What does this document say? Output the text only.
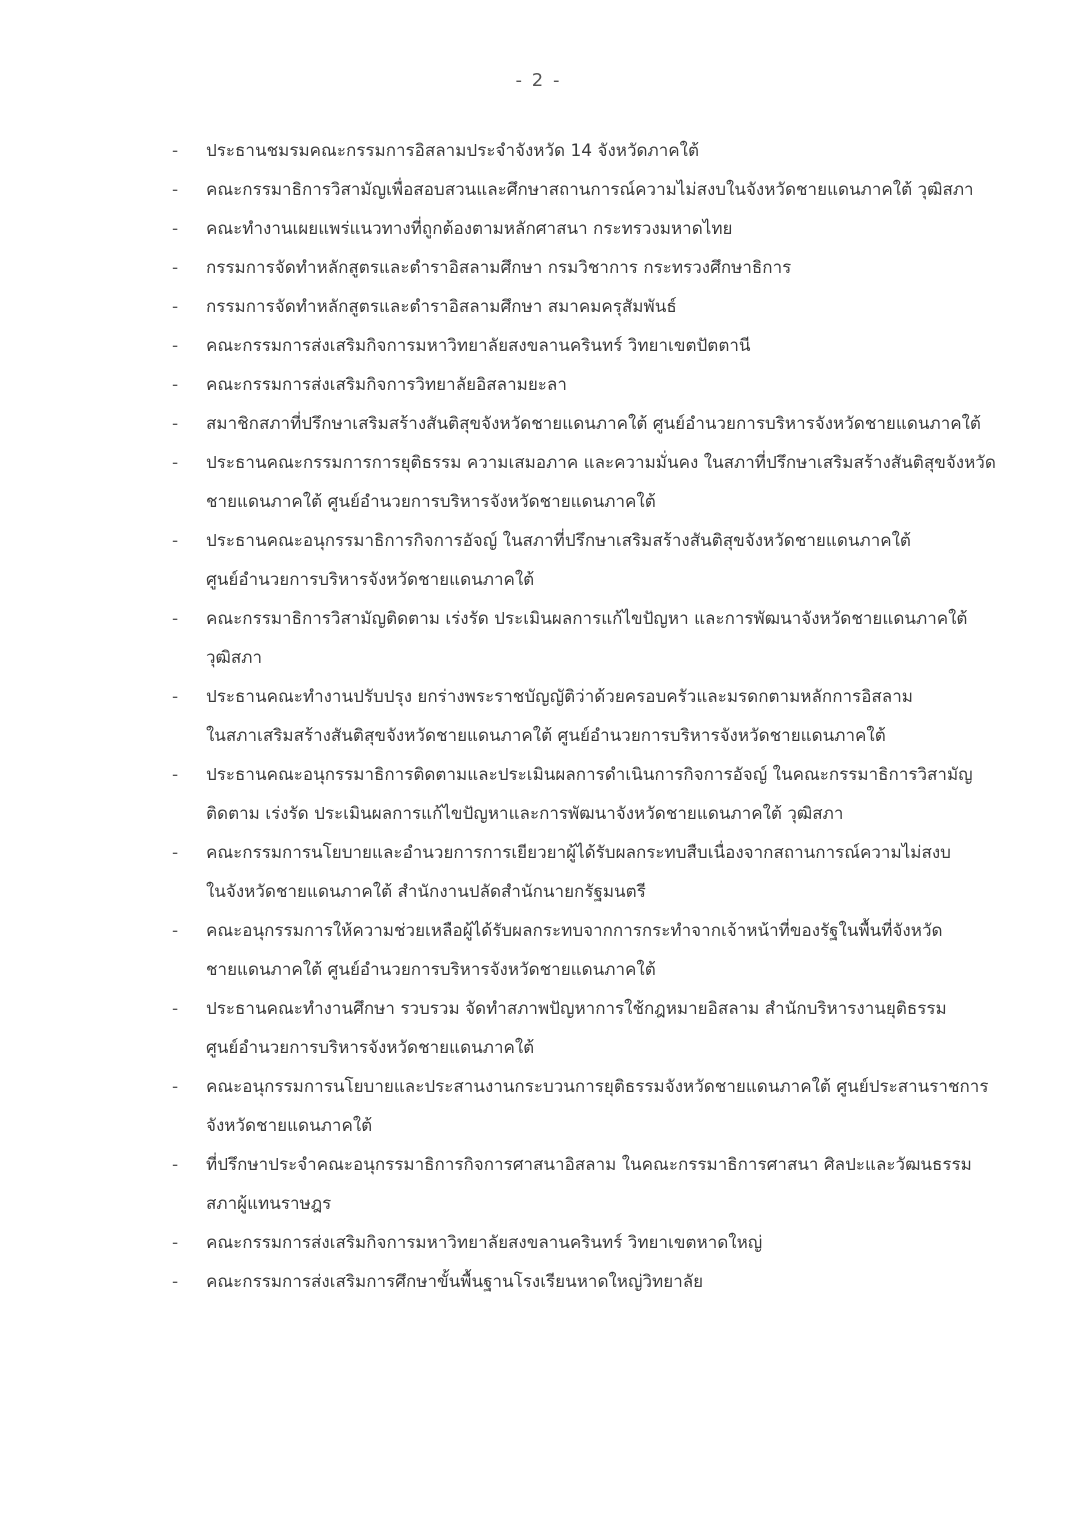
- 2 -
-	ประธานชมรมคณะกรรมการอิสลามประจำจังหวัด 14 จังหวัดภาคใต้
-	คณะกรรมาธิการวิสามัญเพื่อสอบสวนและศึกษาสถานการณ์ความไม่สงบในจังหวัดชายแดนภาคใต้ วุฒิสภา
-	คณะทำงานเผยแพร่แนวทางที่ถูกต้องตามหลักศาสนา กระทรวงมหาดไทย
-	กรรมการจัดทำหลักสูตรและตำราอิสลามศึกษา กรมวิชาการ กระทรวงศึกษาธิการ
-	กรรมการจัดทำหลักสูตรและตำราอิสลามศึกษา สมาคมครุสัมพันธ์
-	คณะกรรมการส่งเสริมกิจการมหาวิทยาลัยสงขลานครินทร์ วิทยาเขตปัตตานี
-	คณะกรรมการส่งเสริมกิจการวิทยาลัยอิสลามยะลา
-	สมาชิกสภาที่ปรึกษาเสริมสร้างสันติสุขจังหวัดชายแดนภาคใต้ ศูนย์อำนวยการบริหารจังหวัดชายแดนภาคใต้
-	ประธานคณะกรรมการการยุติธรรม ความเสมอภาค และความมั่นคง ในสภาที่ปรึกษาเสริมสร้างสันติสุขจังหวัด
ชายแดนภาคใต้ ศูนย์อำนวยการบริหารจังหวัดชายแดนภาคใต้
-	ประธานคณะอนุกรรมาธิการกิจการอัจญ์ ในสภาที่ปรึกษาเสริมสร้างสันติสุขจังหวัดชายแดนภาคใต้
ศูนย์อำนวยการบริหารจังหวัดชายแดนภาคใต้
-	คณะกรรมาธิการวิสามัญติดตาม เร่งรัด ประเมินผลการแก้ไขปัญหา และการพัฒนาจังหวัดชายแดนภาคใต้
วุฒิสภา
-	ประธานคณะทำงานปรับปรุง ยกร่างพระราชบัญญัติว่าด้วยครอบครัวและมรดกตามหลักการอิสลาม
ในสภาเสริมสร้างสันติสุขจังหวัดชายแดนภาคใต้ ศูนย์อำนวยการบริหารจังหวัดชายแดนภาคใต้
-	ประธานคณะอนุกรรมาธิการติดตามและประเมินผลการดำเนินการกิจการอัจญ์ ในคณะกรรมาธิการวิสามัญ
ติดตาม เร่งรัด ประเมินผลการแก้ไขปัญหาและการพัฒนาจังหวัดชายแดนภาคใต้ วุฒิสภา
-	คณะกรรมการนโยบายและอำนวยการการเยียวยาผู้ได้รับผลกระทบสืบเนื่องจากสถานการณ์ความไม่สงบ
ในจังหวัดชายแดนภาคใต้ สำนักงานปลัดสำนักนายกรัฐมนตรี
-	คณะอนุกรรมการให้ความช่วยเหลือผู้ได้รับผลกระทบจากการกระทำจากเจ้าหน้าที่ของรัฐในพื้นที่จังหวัด
ชายแดนภาคใต้ ศูนย์อำนวยการบริหารจังหวัดชายแดนภาคใต้
-	ประธานคณะทำงานศึกษา รวบรวม จัดทำสภาพปัญหาการใช้กฎหมายอิสลาม สำนักบริหารงานยุติธรรม
ศูนย์อำนวยการบริหารจังหวัดชายแดนภาคใต้
-	คณะอนุกรรมการนโยบายและประสานงานกระบวนการยุติธรรมจังหวัดชายแดนภาคใต้ ศูนย์ประสานราชการ
จังหวัดชายแดนภาคใต้
-	ที่ปรึกษาประจำคณะอนุกรรมาธิการกิจการศาสนาอิสลาม ในคณะกรรมาธิการศาสนา ศิลปะและวัฒนธรรม
สภาผู้แทนราษฎร
-	คณะกรรมการส่งเสริมกิจการมหาวิทยาลัยสงขลานครินทร์ วิทยาเขตหาดใหญ่
-	คณะกรรมการส่งเสริมการศึกษาขั้นพื้นฐานโรงเรียนหาดใหญ่วิทยาลัย
